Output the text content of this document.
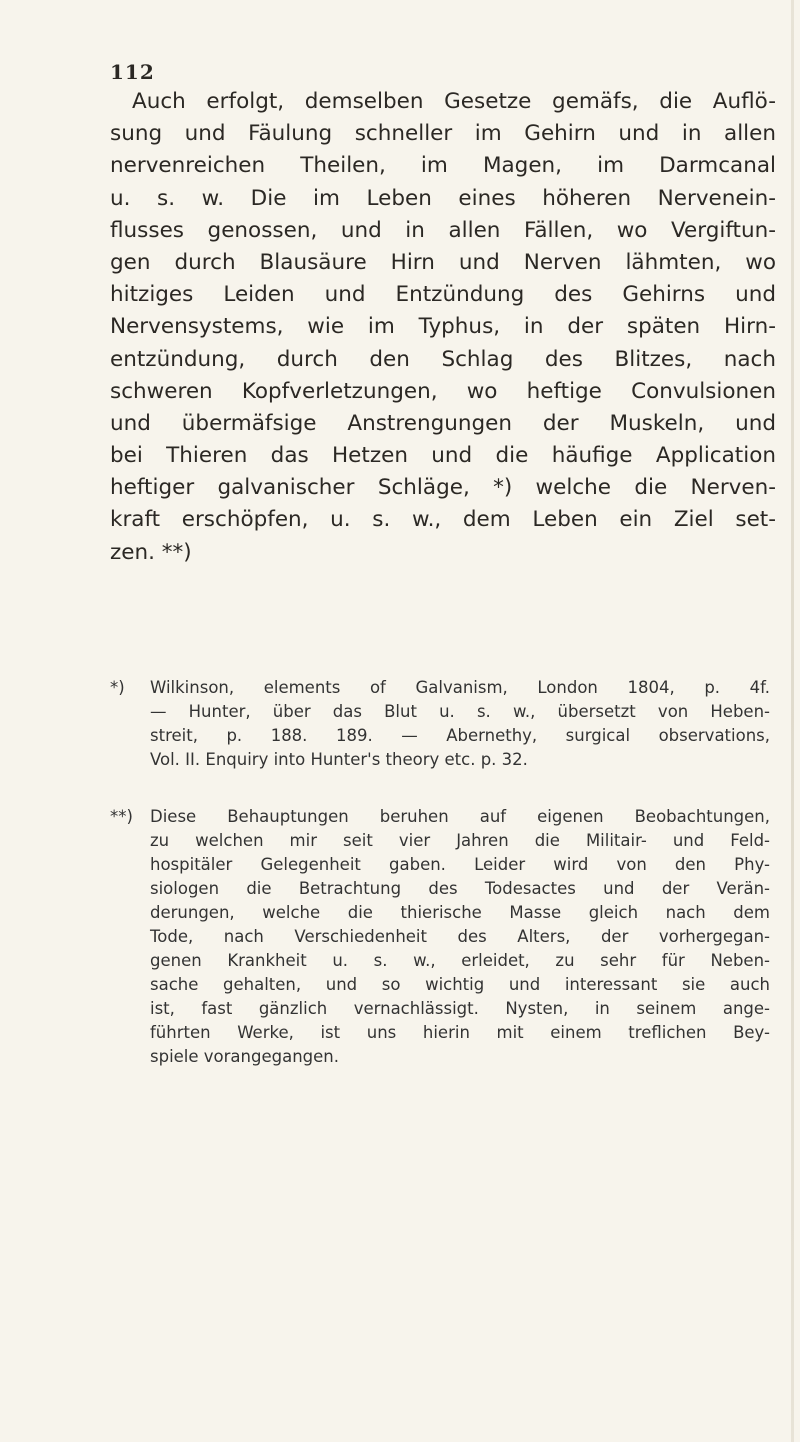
112
Auch erfolgt, demselben Gesetze gemäfs, die Auflö-
sung und Fäulung schneller im Gehirn und in allen
nervenreichen Theilen, im Magen, im Darmcanal
u. s. w. Die im Leben eines höheren Nervenein-
flusses genossen, und in allen Fällen, wo Vergiftun-
gen durch Blausäure Hirn und Nerven lähmten, wo
hitziges Leiden und Entzündung des Gehirns und
Nervensystems, wie im Typhus, in der späten Hirn-
entzündung, durch den Schlag des Blitzes, nach
schweren Kopfverletzungen, wo heftige Convulsionen
und übermäfsige Anstrengungen der Muskeln, und
bei Thieren das Hetzen und die häufige Application
heftiger galvanischer Schläge, *) welche die Nerven-
kraft erschöpfen, u. s. w., dem Leben ein Ziel set-
zen. **)
*) Wilkinson, elements of Galvanism, London 1804, p. 4f.
— Hunter, über das Blut u. s. w., übersetzt von Heben-
streit, p. 188. 189. — Abernethy, surgical observations,
Vol. II. Enquiry into Hunter's theory etc. p. 32.
**) Diese Behauptungen beruhen auf eigenen Beobachtungen,
zu welchen mir seit vier Jahren die Militair- und Feld-
hospitäler Gelegenheit gaben. Leider wird von den Phy-
siologen die Betrachtung des Todesactes und der Verän-
derungen, welche die thierische Masse gleich nach dem
Tode, nach Verschiedenheit des Alters, der vorhergegan-
genen Krankheit u. s. w., erleidet, zu sehr für Neben-
sache gehalten, und so wichtig und interessant sie auch
ist, fast gänzlich vernachlässigt. Nysten, in seinem ange-
führten Werke, ist uns hierin mit einem treflichen Bey-
spiele vorangegangen.
